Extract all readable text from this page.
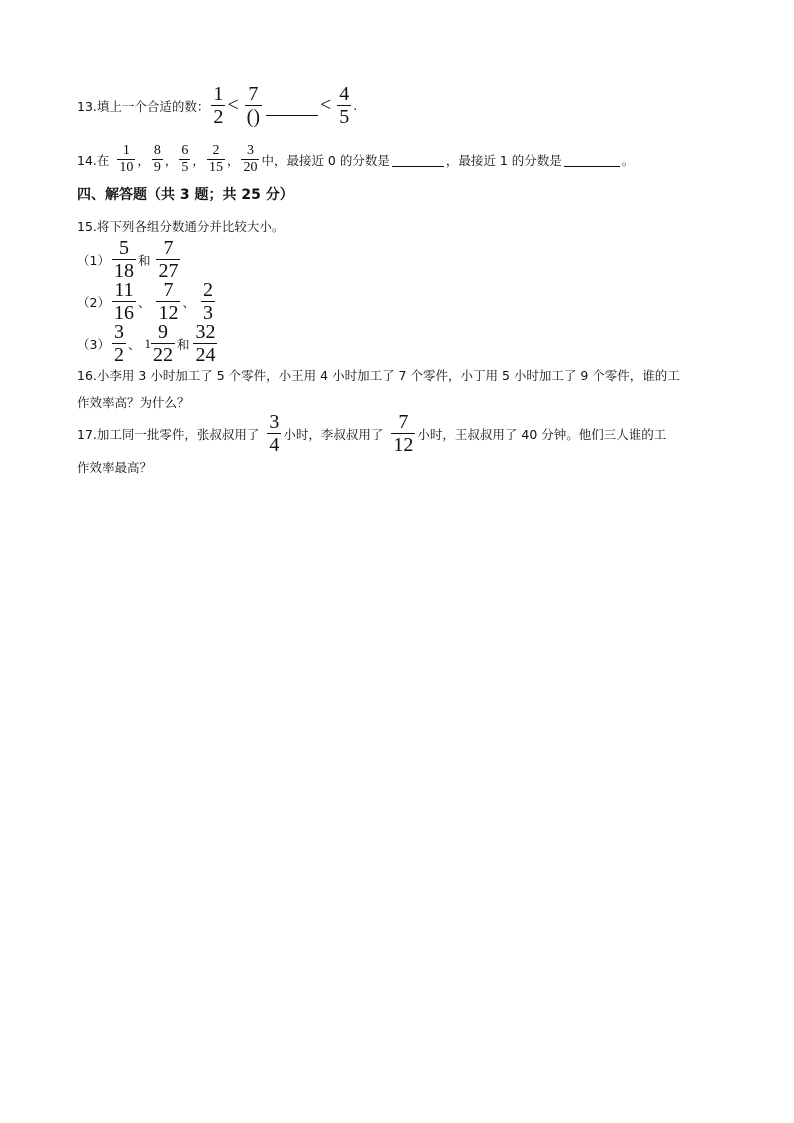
13.填上一个合适的数： $\frac{1}{2} < \frac{7}{()}$	< $\frac{4}{5}$ .
14.在 $\frac{1}{10}$ ， $\frac{8}{9}$ ， $\frac{6}{5}$ ， $\frac{2}{15}$ ， $\frac{3}{20}$ 中，最接近 0 的分数是	，最接近 1 的分数是	。
四、解答题（共 3 题；共 25 分）
15.将下列各组分数通分并比较大小。
$(1) \frac{5}{18}$ 和 $\frac{7}{27}$
$(2) \frac{11}{16}$ 、 $\frac{7}{12}$ 、 $\frac{2}{3}$
$(3) \frac{3}{2}$ 、 $1 \frac{9}{22}$ 和 $\frac{32}{24}$
16.小李用 3 小时加工了 5 个零件，小王用 4 小时加工了 7 个零件，小丁用 5 小时加工了 9 个零件，谁的工
作效率高？为什么？
17.加工同一批零件，张叔叔用了 $\frac{3}{4}$ 小时，李叔叔用了 $\frac{7}{12}$ 小时，王叔叔用了 40 分钟。他们三人谁的工
作效率最高？
